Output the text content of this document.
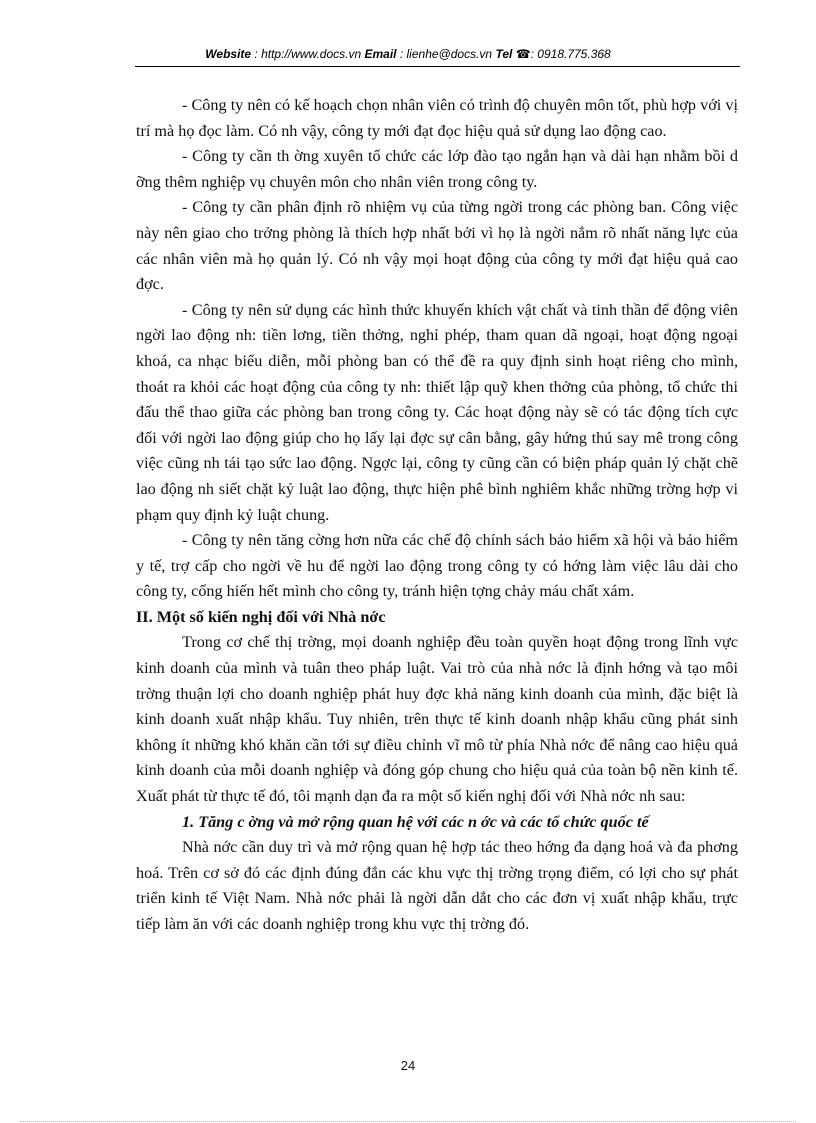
Website : http://www.docs.vn Email : lienhe@docs.vn Tel ☎: 0918.775.368

- Công ty nên có kế hoạch chọn nhân viên có trình độ chuyên môn tốt, phù hợp với vị trí mà họ đọc làm. Có nh vậy, công ty mới đạt đọc hiệu quả sử dụng lao động cao.

- Công ty cần th ờng xuyên tổ chức các lớp đào tạo ngắn hạn và dài hạn nhằm bồi d ỡng thêm nghiệp vụ chuyên môn cho nhân viên trong công ty.

- Công ty cần phân định rõ nhiệm vụ của từng ngời trong các phòng ban. Công việc này nên giao cho trởng phòng là thích hợp nhất bởi vì họ là ngời nắm rõ nhất năng lực của các nhân viên mà họ quản lý. Có nh vậy mọi hoạt động của công ty mới đạt hiệu quả cao đợc.

- Công ty nên sử dụng các hình thức khuyến khích vật chất và tinh thần để động viên ngời lao động nh: tiền lơng, tiền thởng, nghỉ phép, tham quan dã ngoại, hoạt động ngoại khoá, ca nhạc biểu diễn, mỗi phòng ban có thể đề ra quy định sinh hoạt riêng cho mình, thoát ra khỏi các hoạt động của công ty nh: thiết lập quỹ khen thởng của phòng, tổ chức thi đấu thể thao giữa các phòng ban trong công ty. Các hoạt động này sẽ có tác động tích cực đối với ngời lao động giúp cho họ lấy lại đợc sự cân bằng, gây hứng thú say mê trong công việc cũng nh tái tạo sức lao động. Ngợc lại, công ty cũng cần có biện pháp quản lý chặt chẽ lao động nh siết chặt kỷ luật lao động, thực hiện phê bình nghiêm khắc những trờng hợp vi phạm quy định kỷ luật chung.

- Công ty nên tăng cờng hơn nữa các chế độ chính sách bảo hiểm xã hội và bảo hiểm y tế, trợ cấp cho ngời về hu để ngời lao động trong công ty có hớng làm việc lâu dài cho công ty, cống hiến hết mình cho công ty, tránh hiện tợng chảy máu chất xám.

II. Một số kiến nghị đối với Nhà nớc

Trong cơ chế thị trờng, mọi doanh nghiệp đều toàn quyền hoạt động trong lĩnh vực kinh doanh của mình và tuân theo pháp luật. Vai trò của nhà nớc là định hớng và tạo môi trờng thuận lợi cho doanh nghiệp phát huy đợc khả năng kinh doanh của mình, đặc biệt là kinh doanh xuất nhập khẩu. Tuy nhiên, trên thực tế kinh doanh nhập khẩu cũng phát sinh không ít những khó khăn cần tới sự điều chỉnh vĩ mô từ phía Nhà nớc để nâng cao hiệu quả kinh doanh của mỗi doanh nghiệp và đóng góp chung cho hiệu quả của toàn bộ nền kinh tế. Xuất phát từ thực tế đó, tôi mạnh dạn đa ra một số kiến nghị đối với Nhà nớc nh sau:

1. Tăng c ờng và mở rộng quan hệ với các n ớc và các tổ chức quốc tế

Nhà nớc cần duy trì và mở rộng quan hệ hợp tác theo hớng đa dạng hoá và đa phơng hoá. Trên cơ sở đó các định đúng đắn các khu vực thị trờng trọng điểm, có lợi cho sự phát triển kinh tế Việt Nam. Nhà nớc phải là ngời dẫn dắt cho các đơn vị xuất nhập khẩu, trực tiếp làm ăn với các doanh nghiệp trong khu vực thị trờng đó.

24
